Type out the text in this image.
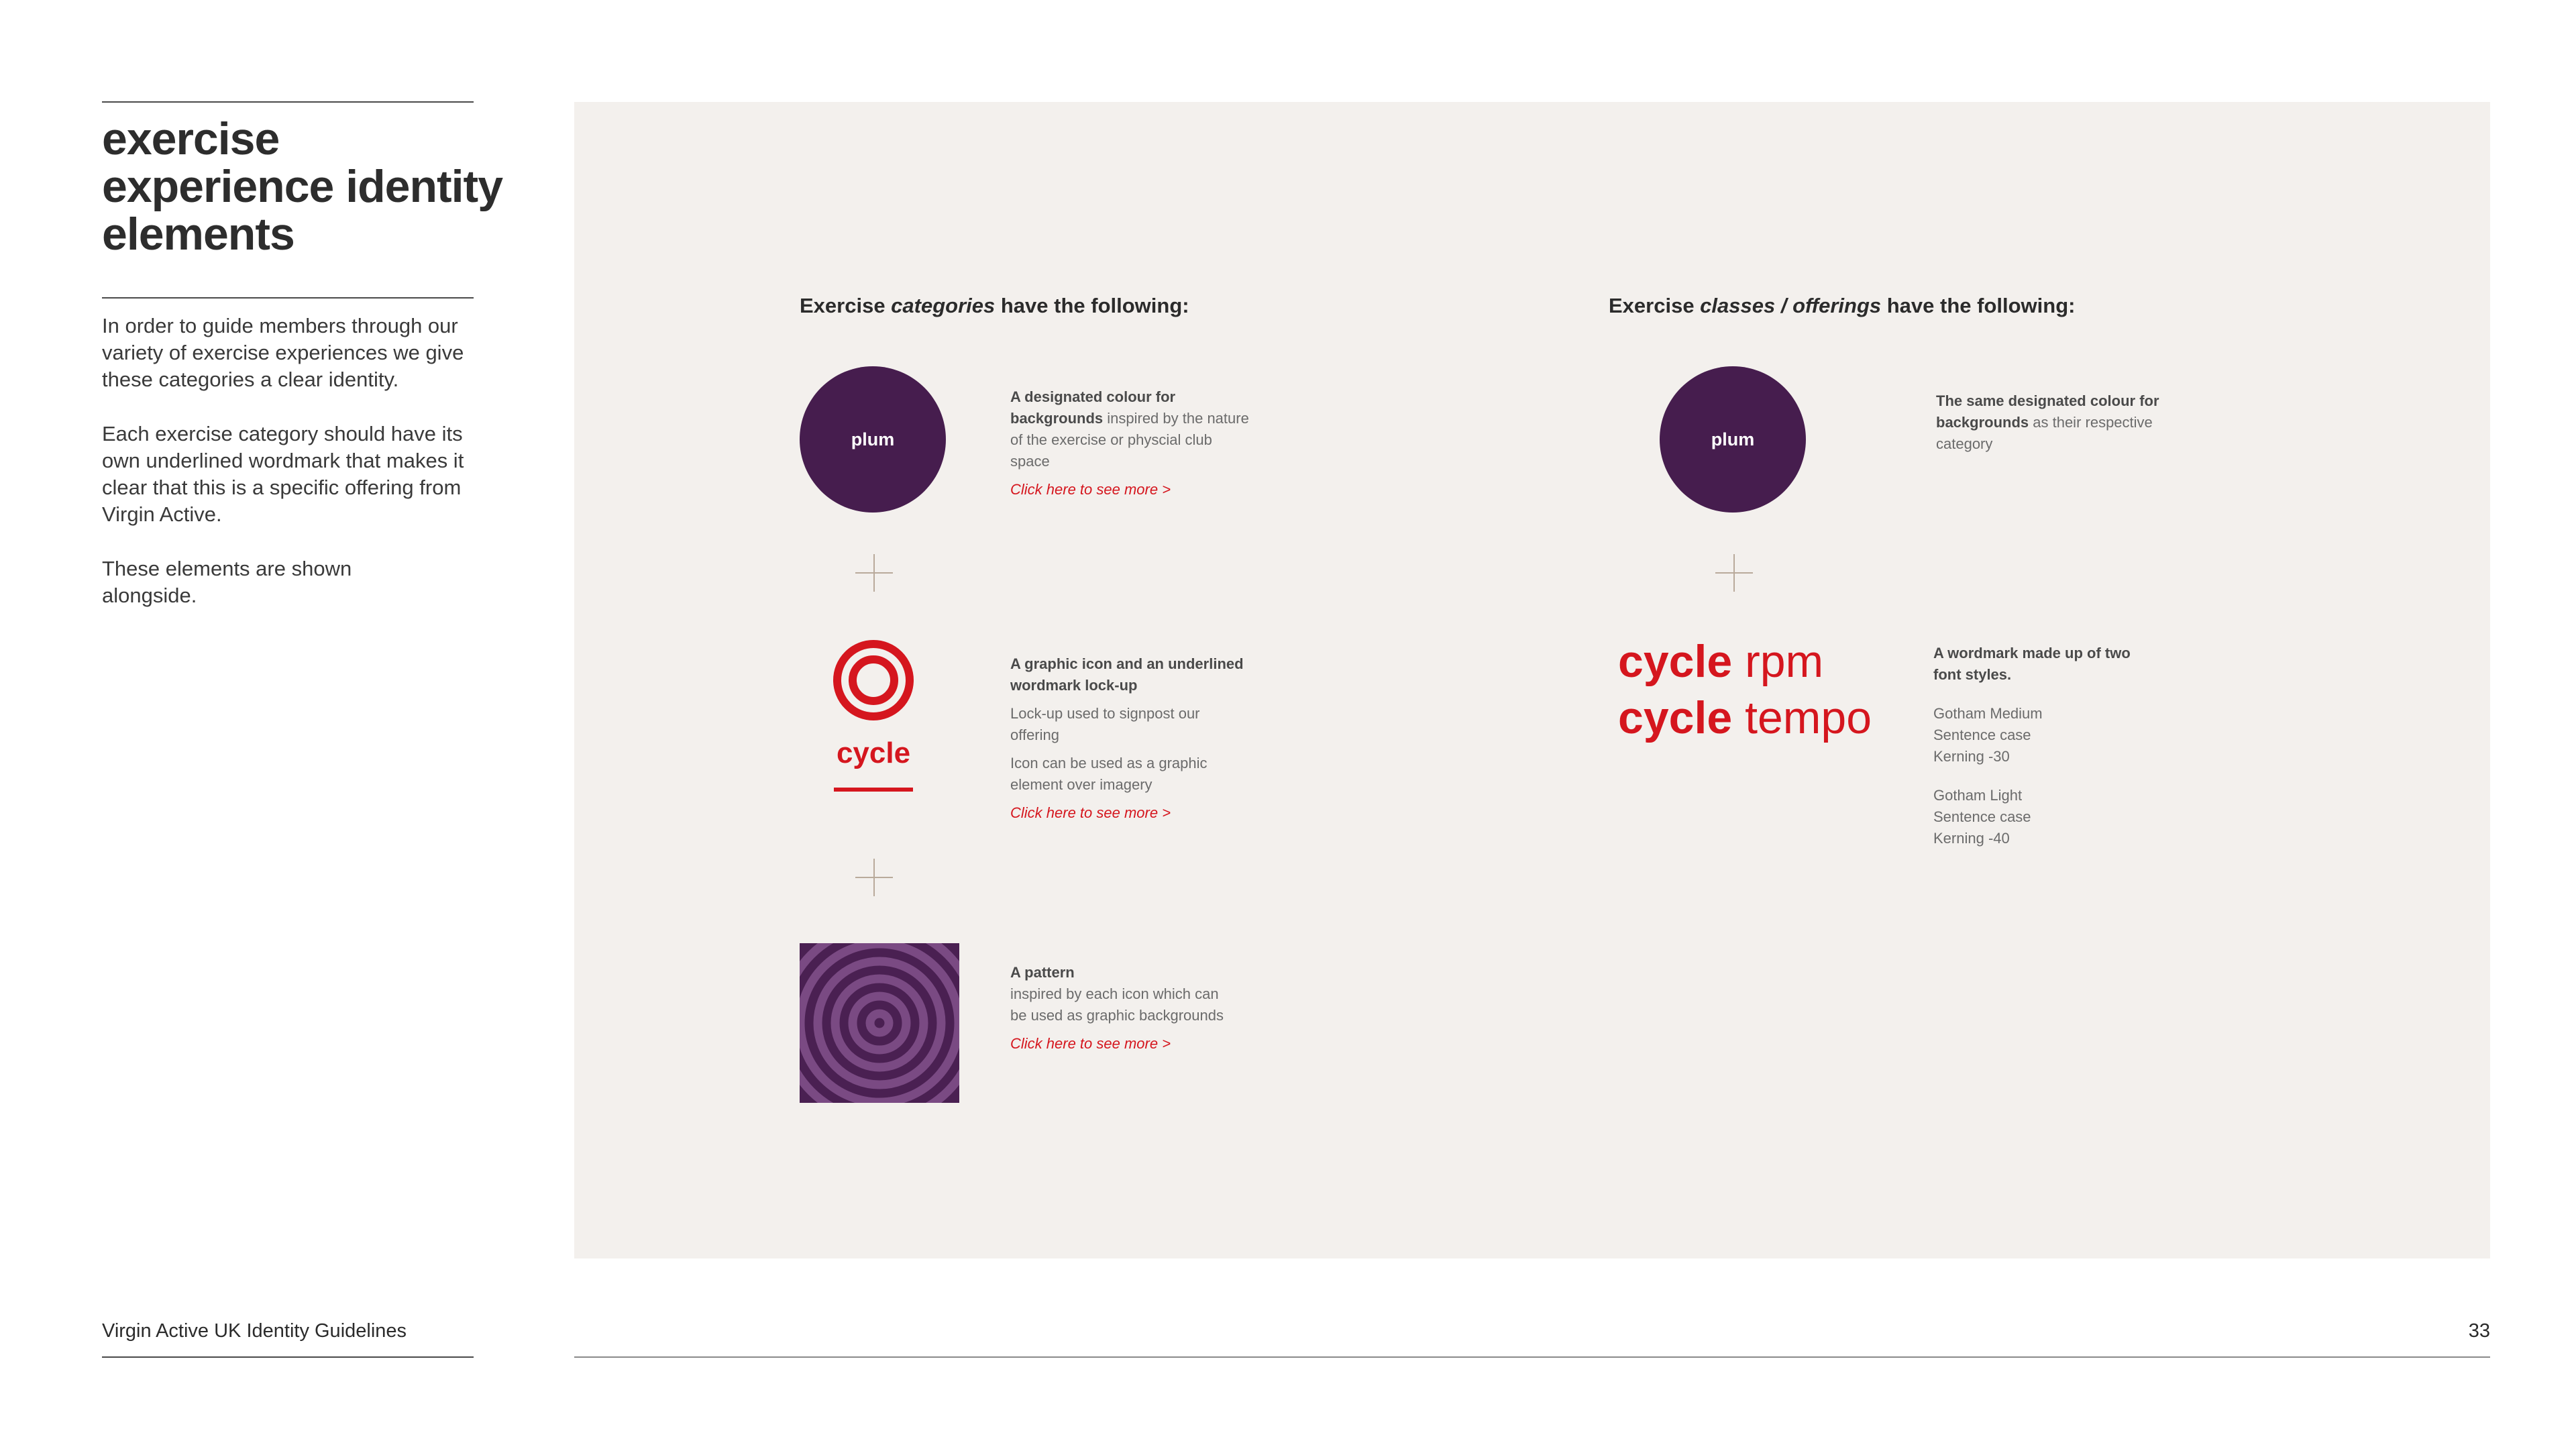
exercise experience identity elements

In order to guide members through our variety of exercise experiences we give these categories a clear identity.

Each exercise category should have its own underlined wordmark that makes it clear that this is a specific offering from Virgin Active.

These elements are shown alongside.

Exercise categories have the following:
plum
A designated colour for backgrounds inspired by the nature of the exercise or physcial club space
Click here to see more >
cycle
A graphic icon and an underlined wordmark lock-up
Lock-up used to signpost our offering
Icon can be used as a graphic element over imagery
Click here to see more >
A pattern
inspired by each icon which can be used as graphic backgrounds
Click here to see more >
Exercise classes / offerings have the following:
plum
The same designated colour for backgrounds as their respective category
cycle rpm
cycle tempo
A wordmark made up of two font styles.
Gotham Medium
Sentence case
Kerning -30
Gotham Light
Sentence case
Kerning -40
Virgin Active UK Identity Guidelines	33
